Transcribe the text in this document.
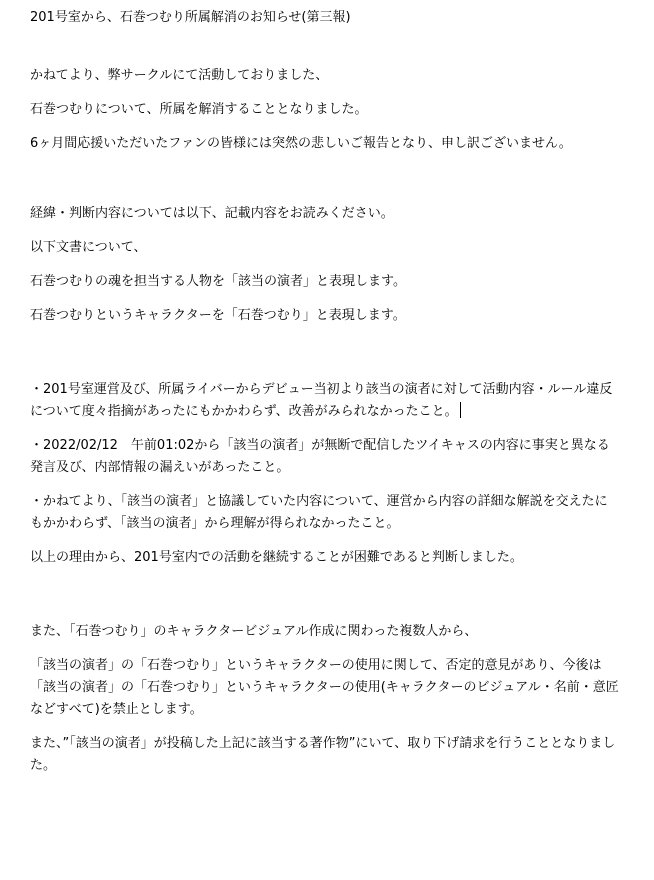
201号室から、石巻つむり所属解消のお知らせ(第三報)
かねてより、弊サークルにて活動しておりました、
石巻つむりについて、所属を解消することとなりました。
6ヶ月間応援いただいたファンの皆様には突然の悲しいご報告となり、申し訳ございません。
経緯・判断内容については以下、記載内容をお読みください。
以下文書について、
石巻つむりの魂を担当する人物を「該当の演者」と表現します。
石巻つむりというキャラクターを「石巻つむり」と表現します。
・201号室運営及び、所属ライバーからデビュー当初より該当の演者に対して活動内容・ルール違反について度々指摘があったにもかかわらず、改善がみられなかったこと。
・2022/02/12　午前01:02から「該当の演者」が無断で配信したツイキャスの内容に事実と異なる発言及び、内部情報の漏えいがあったこと。
・かねてより、「該当の演者」と協議していた内容について、運営から内容の詳細な解説を交えたにもかかわらず、「該当の演者」から理解が得られなかったこと。
以上の理由から、201号室内での活動を継続することが困難であると判断しました。
また、「石巻つむり」のキャラクタービジュアル作成に関わった複数人から、
「該当の演者」の「石巻つむり」というキャラクターの使用に関して、否定的意見があり、今後は「該当の演者」の「石巻つむり」というキャラクターの使用(キャラクターのビジュアル・名前・意匠などすべて)を禁止とします。
また、”「該当の演者」が投稿した上記に該当する著作物”にいて、取り下げ請求を行うこととなりました。
